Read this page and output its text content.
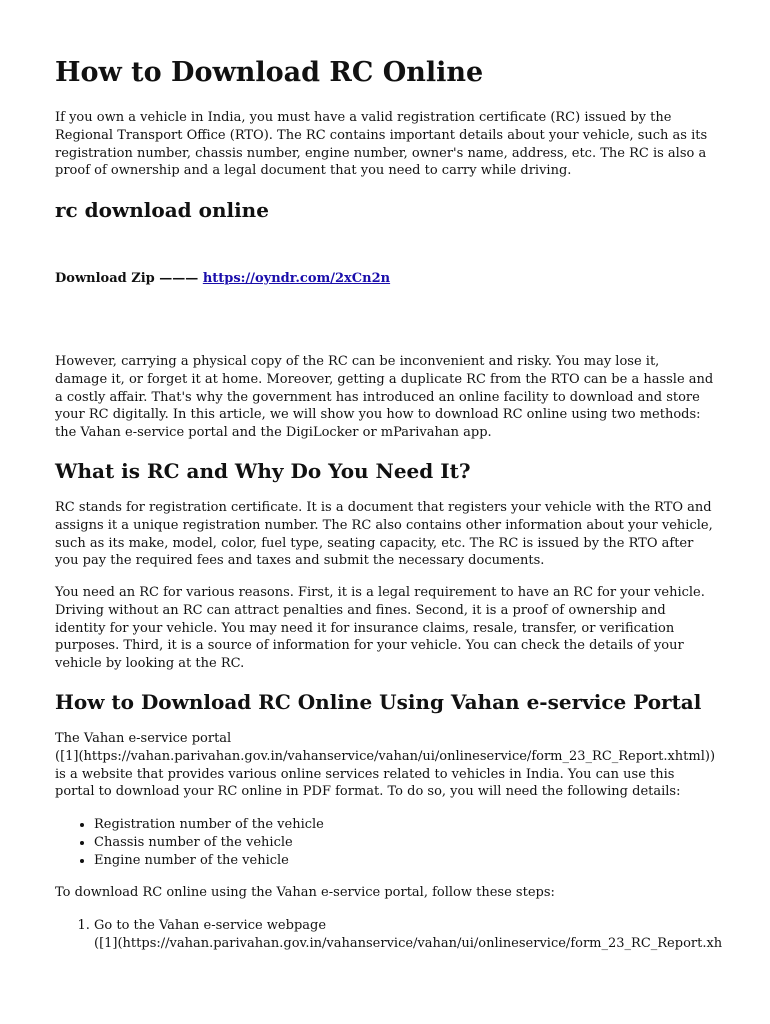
How to Download RC Online

If you own a vehicle in India, you must have a valid registration certificate (RC) issued by the Regional Transport Office (RTO). The RC contains important details about your vehicle, such as its registration number, chassis number, engine number, owner's name, address, etc. The RC is also a proof of ownership and a legal document that you need to carry while driving.

rc download online
Download Zip ——— https://oyndr.com/2xCn2n

However, carrying a physical copy of the RC can be inconvenient and risky. You may lose it, damage it, or forget it at home. Moreover, getting a duplicate RC from the RTO can be a hassle and a costly affair. That's why the government has introduced an online facility to download and store your RC digitally. In this article, we will show you how to download RC online using two methods: the Vahan e-service portal and the DigiLocker or mParivahan app.

What is RC and Why Do You Need It?

RC stands for registration certificate. It is a document that registers your vehicle with the RTO and assigns it a unique registration number. The RC also contains other information about your vehicle, such as its make, model, color, fuel type, seating capacity, etc. The RC is issued by the RTO after you pay the required fees and taxes and submit the necessary documents.

You need an RC for various reasons. First, it is a legal requirement to have an RC for your vehicle. Driving without an RC can attract penalties and fines. Second, it is a proof of ownership and identity for your vehicle. You may need it for insurance claims, resale, transfer, or verification purposes. Third, it is a source of information for your vehicle. You can check the details of your vehicle by looking at the RC.

How to Download RC Online Using Vahan e-service Portal

The Vahan e-service portal
([1](https://vahan.parivahan.gov.in/vahanservice/vahan/ui/onlineservice/form_23_RC_Report.xhtml))
is a website that provides various online services related to vehicles in India. You can use this portal to download your RC online in PDF format. To do so, you will need the following details:

• Registration number of the vehicle
• Chassis number of the vehicle
• Engine number of the vehicle

To download RC online using the Vahan e-service portal, follow these steps:

1. Go to the Vahan e-service webpage
([1](https://vahan.parivahan.gov.in/vahanservice/vahan/ui/onlineservice/form_23_RC_Report.xh
